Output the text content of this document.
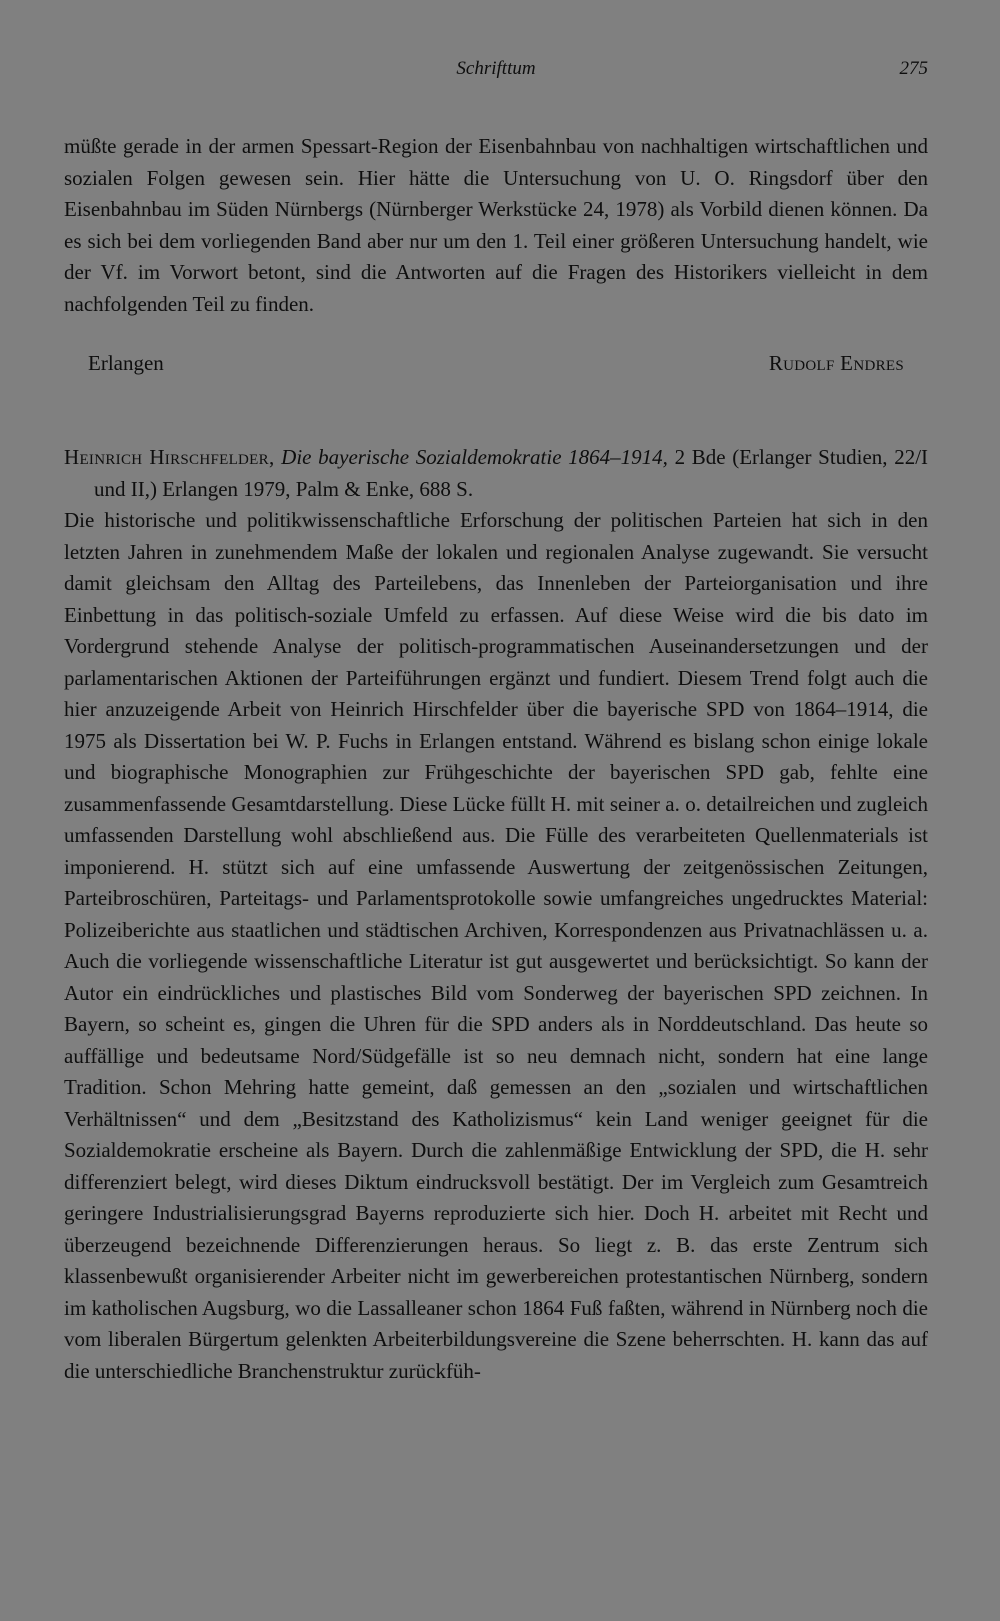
Schrifttum	275

müßte gerade in der armen Spessart-Region der Eisenbahnbau von nachhaltigen wirtschaftlichen und sozialen Folgen gewesen sein. Hier hätte die Untersuchung von U. O. Ringsdorf über den Eisenbahnbau im Süden Nürnbergs (Nürnberger Werkstücke 24, 1978) als Vorbild dienen können. Da es sich bei dem vorliegenden Band aber nur um den 1. Teil einer größeren Untersuchung handelt, wie der Vf. im Vorwort betont, sind die Antworten auf die Fragen des Historikers vielleicht in dem nachfolgenden Teil zu finden.

Erlangen	Rudolf Endres

Heinrich Hirschfelder, Die bayerische Sozialdemokratie 1864–1914, 2 Bde (Erlanger Studien, 22/I und II,) Erlangen 1979, Palm & Enke, 688 S.

Die historische und politikwissenschaftliche Erforschung der politischen Parteien hat sich in den letzten Jahren in zunehmendem Maße der lokalen und regionalen Analyse zugewandt. Sie versucht damit gleichsam den Alltag des Parteilebens, das Innenleben der Parteiorganisation und ihre Einbettung in das politisch-soziale Umfeld zu erfassen. Auf diese Weise wird die bis dato im Vordergrund stehende Analyse der politisch-programmatischen Auseinandersetzungen und der parlamentarischen Aktionen der Parteiführungen ergänzt und fundiert. Diesem Trend folgt auch die hier anzuzeigende Arbeit von Heinrich Hirschfelder über die bayerische SPD von 1864–1914, die 1975 als Dissertation bei W. P. Fuchs in Erlangen entstand. Während es bislang schon einige lokale und biographische Monographien zur Frühgeschichte der bayerischen SPD gab, fehlte eine zusammenfassende Gesamtdarstellung. Diese Lücke füllt H. mit seiner a. o. detailreichen und zugleich umfassenden Darstellung wohl abschließend aus. Die Fülle des verarbeiteten Quellenmaterials ist imponierend. H. stützt sich auf eine umfassende Auswertung der zeitgenössischen Zeitungen, Parteibroschüren, Parteitags- und Parlamentsprotokolle sowie umfangreiches ungedrucktes Material: Polizeiberichte aus staatlichen und städtischen Archiven, Korrespondenzen aus Privatnachlässen u. a. Auch die vorliegende wissenschaftliche Literatur ist gut ausgewertet und berücksichtigt. So kann der Autor ein eindrückliches und plastisches Bild vom Sonderweg der bayerischen SPD zeichnen. In Bayern, so scheint es, gingen die Uhren für die SPD anders als in Norddeutschland. Das heute so auffällige und bedeutsame Nord/Südgefälle ist so neu demnach nicht, sondern hat eine lange Tradition. Schon Mehring hatte gemeint, daß gemessen an den „sozialen und wirtschaftlichen Verhältnissen“ und dem „Besitzstand des Katholizismus“ kein Land weniger geeignet für die Sozialdemokratie erscheine als Bayern. Durch die zahlenmäßige Entwicklung der SPD, die H. sehr differenziert belegt, wird dieses Diktum eindrucksvoll bestätigt. Der im Vergleich zum Gesamtreich geringere Industrialisierungsgrad Bayerns reproduzierte sich hier. Doch H. arbeitet mit Recht und überzeugend bezeichnende Differenzierungen heraus. So liegt z. B. das erste Zentrum sich klassenbewußt organisierender Arbeiter nicht im gewerbereichen protestantischen Nürnberg, sondern im katholischen Augsburg, wo die Lassalleaner schon 1864 Fuß faßten, während in Nürnberg noch die vom liberalen Bürgertum gelenkten Arbeiterbildungsvereine die Szene beherrschten. H. kann das auf die unterschiedliche Branchenstruktur zurückfüh-
